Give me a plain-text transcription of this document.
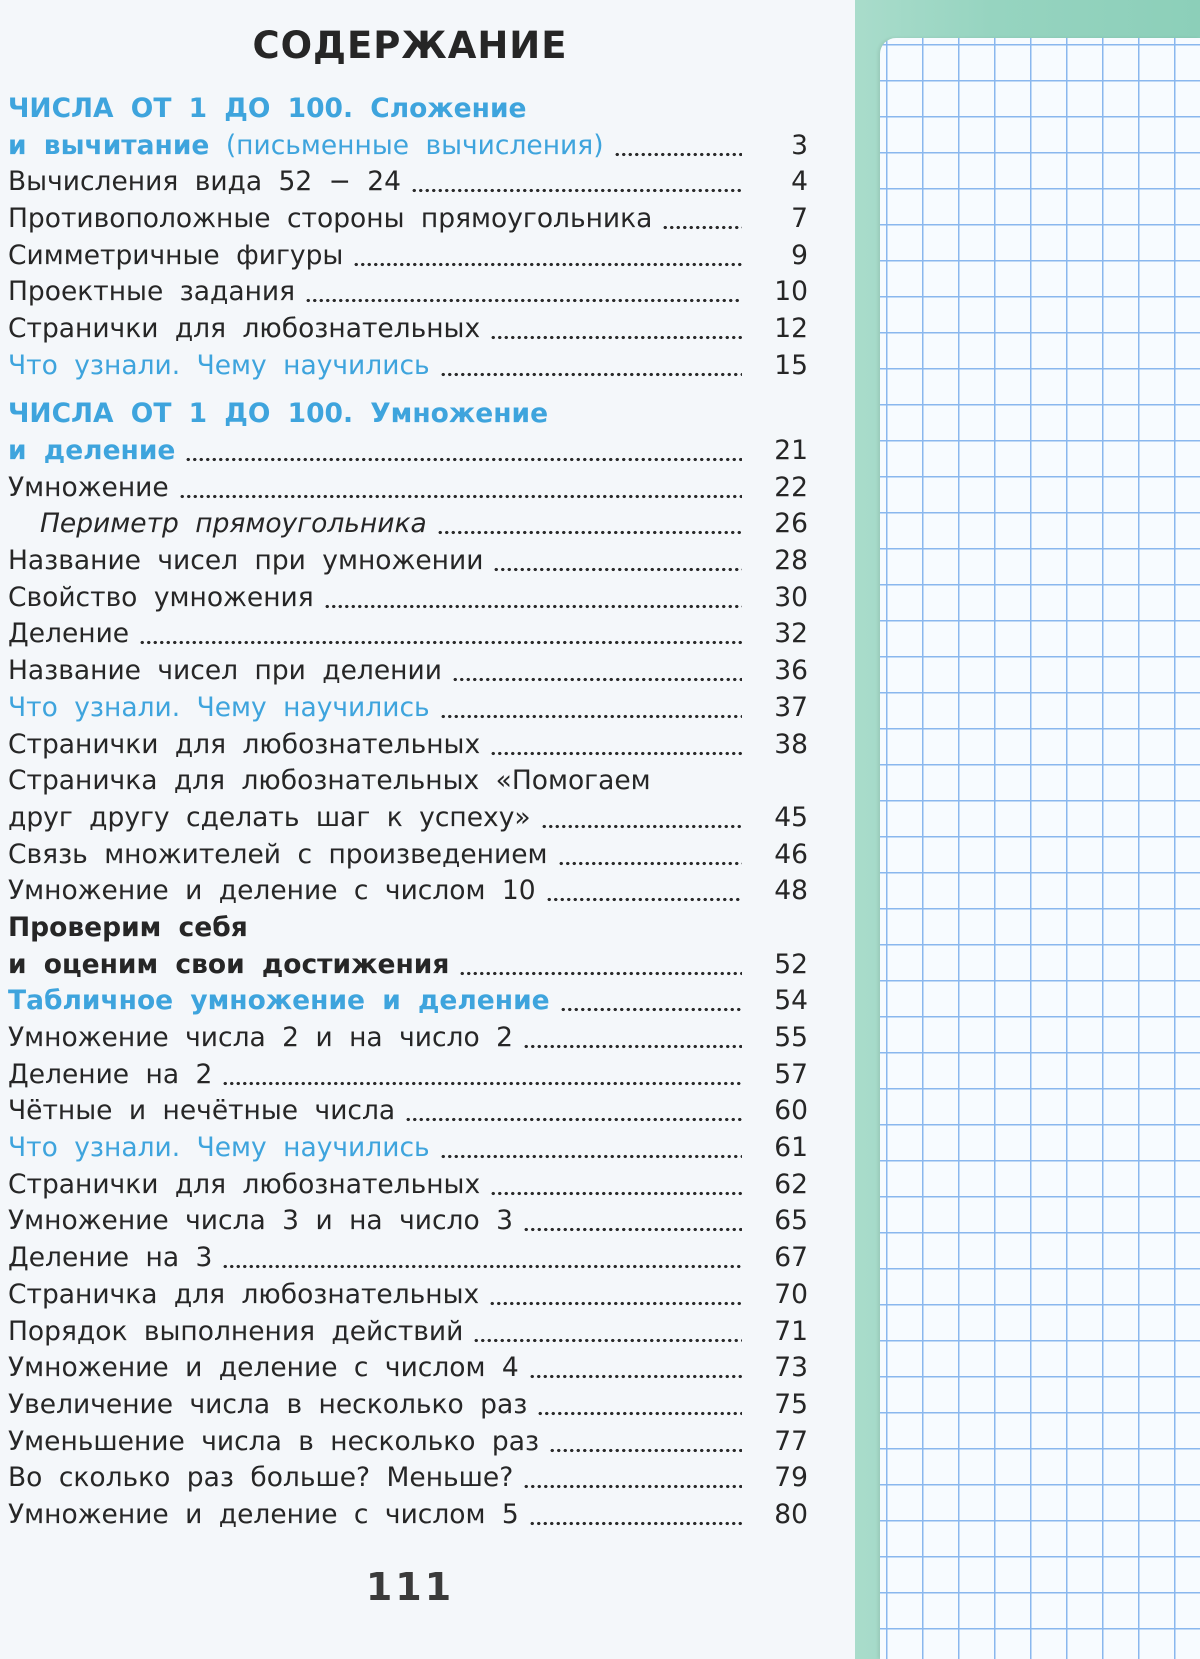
СОДЕРЖАНИЕ
ЧИСЛА ОТ 1 ДО 100. Сложение
и вычитание (письменные вычисления)	3
Вычисления вида 52 − 24	4
Противоположные стороны прямоугольника	7
Симметричные фигуры	9
Проектные задания	10
Странички для любознательных	12
Что узнали. Чему научились	15
ЧИСЛА ОТ 1 ДО 100. Умножение
и деление	21
Умножение	22
Периметр прямоугольника	26
Название чисел при умножении	28
Свойство умножения	30
Деление	32
Название чисел при делении	36
Что узнали. Чему научились	37
Странички для любознательных	38
Страничка для любознательных «Помогаем
друг другу сделать шаг к успеху»	45
Связь множителей с произведением	46
Умножение и деление с числом 10	48
Проверим себя
и оценим свои достижения	52
Табличное умножение и деление	54
Умножение числа 2 и на число 2	55
Деление на 2	57
Чётные и нечётные числа	60
Что узнали. Чему научились	61
Странички для любознательных	62
Умножение числа 3 и на число 3	65
Деление на 3	67
Страничка для любознательных	70
Порядок выполнения действий	71
Умножение и деление с числом 4	73
Увеличение числа в несколько раз	75
Уменьшение числа в несколько раз	77
Во сколько раз больше? Меньше?	79
Умножение и деление с числом 5	80
111
